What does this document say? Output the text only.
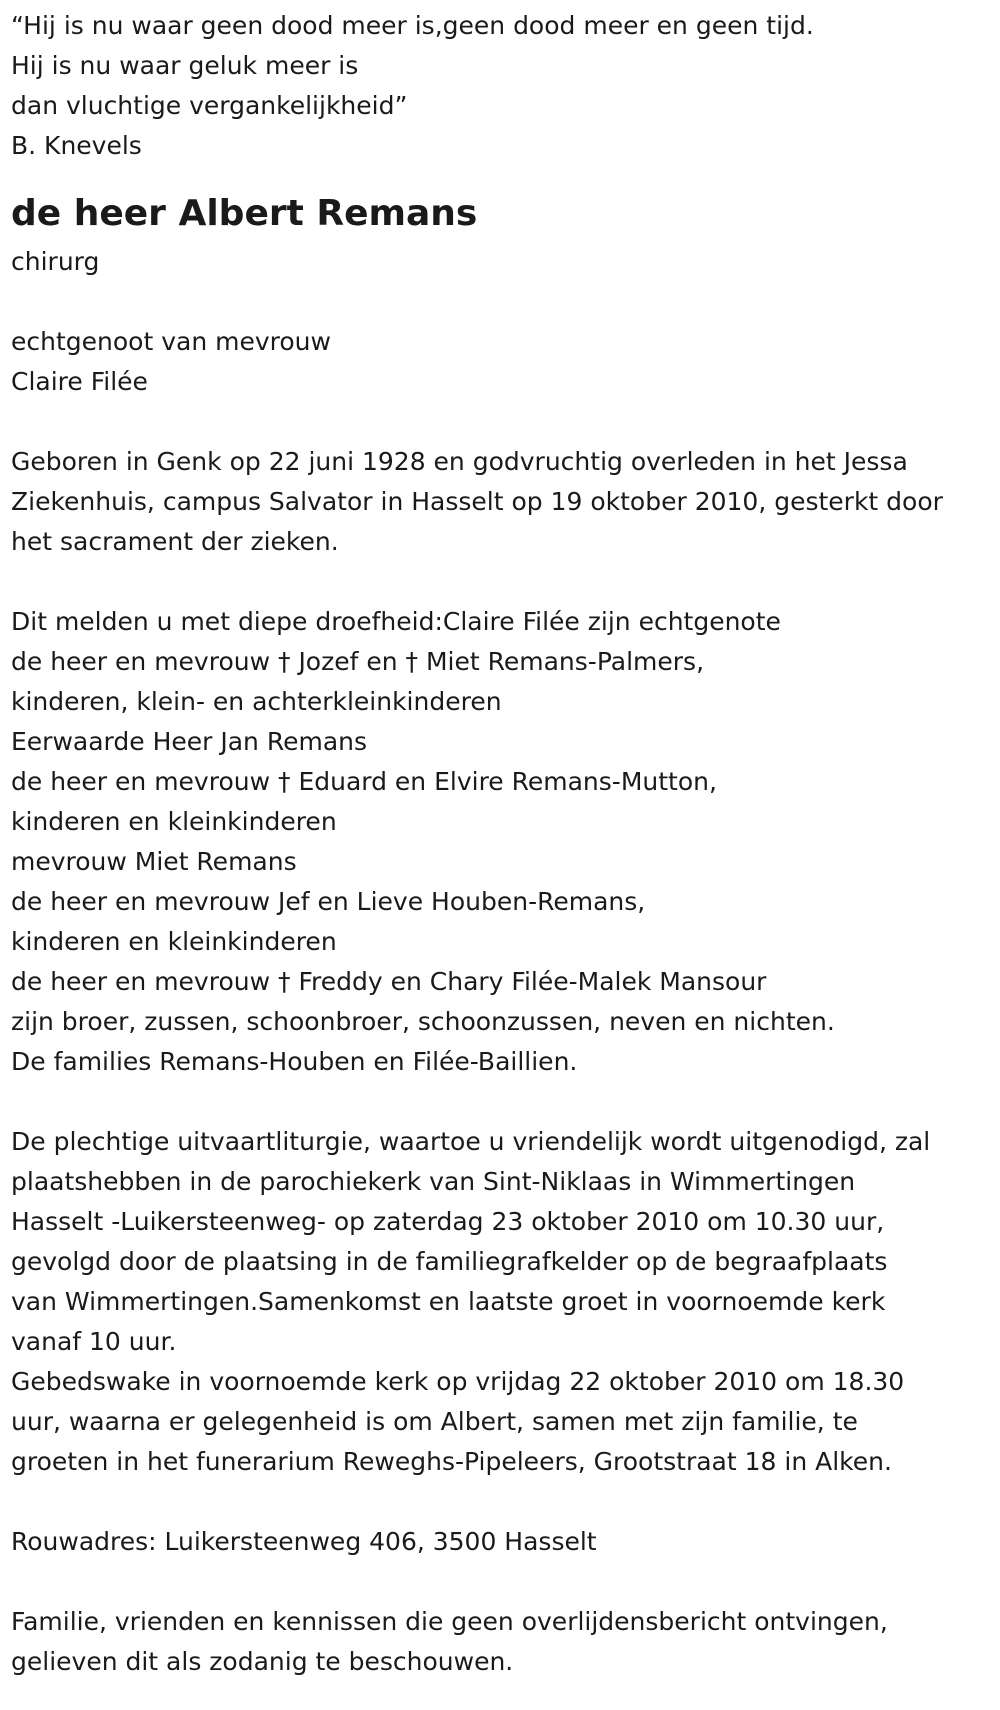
“Hij is nu waar geen dood meer is,geen dood meer en geen tijd.
Hij is nu waar geluk meer is
dan vluchtige vergankelijkheid”
B. Knevels
de heer Albert Remans
chirurg
echtgenoot van mevrouw
Claire Filée
Geboren in Genk op 22 juni 1928 en godvruchtig overleden in het Jessa
Ziekenhuis, campus Salvator in Hasselt op 19 oktober 2010, gesterkt door
het sacrament der zieken.
Dit melden u met diepe droefheid:Claire Filée zijn echtgenote
de heer en mevrouw † Jozef en † Miet Remans-Palmers,
kinderen, klein- en achterkleinkinderen
Eerwaarde Heer Jan Remans
de heer en mevrouw † Eduard en Elvire Remans-Mutton,
kinderen en kleinkinderen
mevrouw Miet Remans
de heer en mevrouw Jef en Lieve Houben-Remans,
kinderen en kleinkinderen
de heer en mevrouw † Freddy en Chary Filée-Malek Mansour
zijn broer, zussen, schoonbroer, schoonzussen, neven en nichten.
De families Remans-Houben en Filée-Baillien.
De plechtige uitvaartliturgie, waartoe u vriendelijk wordt uitgenodigd, zal
plaatshebben in de parochiekerk van Sint-Niklaas in Wimmertingen
Hasselt -Luikersteenweg- op zaterdag 23 oktober 2010 om 10.30 uur,
gevolgd door de plaatsing in de familiegrafkelder op de begraafplaats
van Wimmertingen.Samenkomst en laatste groet in voornoemde kerk
vanaf 10 uur.
Gebedswake in voornoemde kerk op vrijdag 22 oktober 2010 om 18.30
uur, waarna er gelegenheid is om Albert, samen met zijn familie, te
groeten in het funerarium Reweghs-Pipeleers, Grootstraat 18 in Alken.
Rouwadres: Luikersteenweg 406, 3500 Hasselt
Familie, vrienden en kennissen die geen overlijdensbericht ontvingen,
gelieven dit als zodanig te beschouwen.
